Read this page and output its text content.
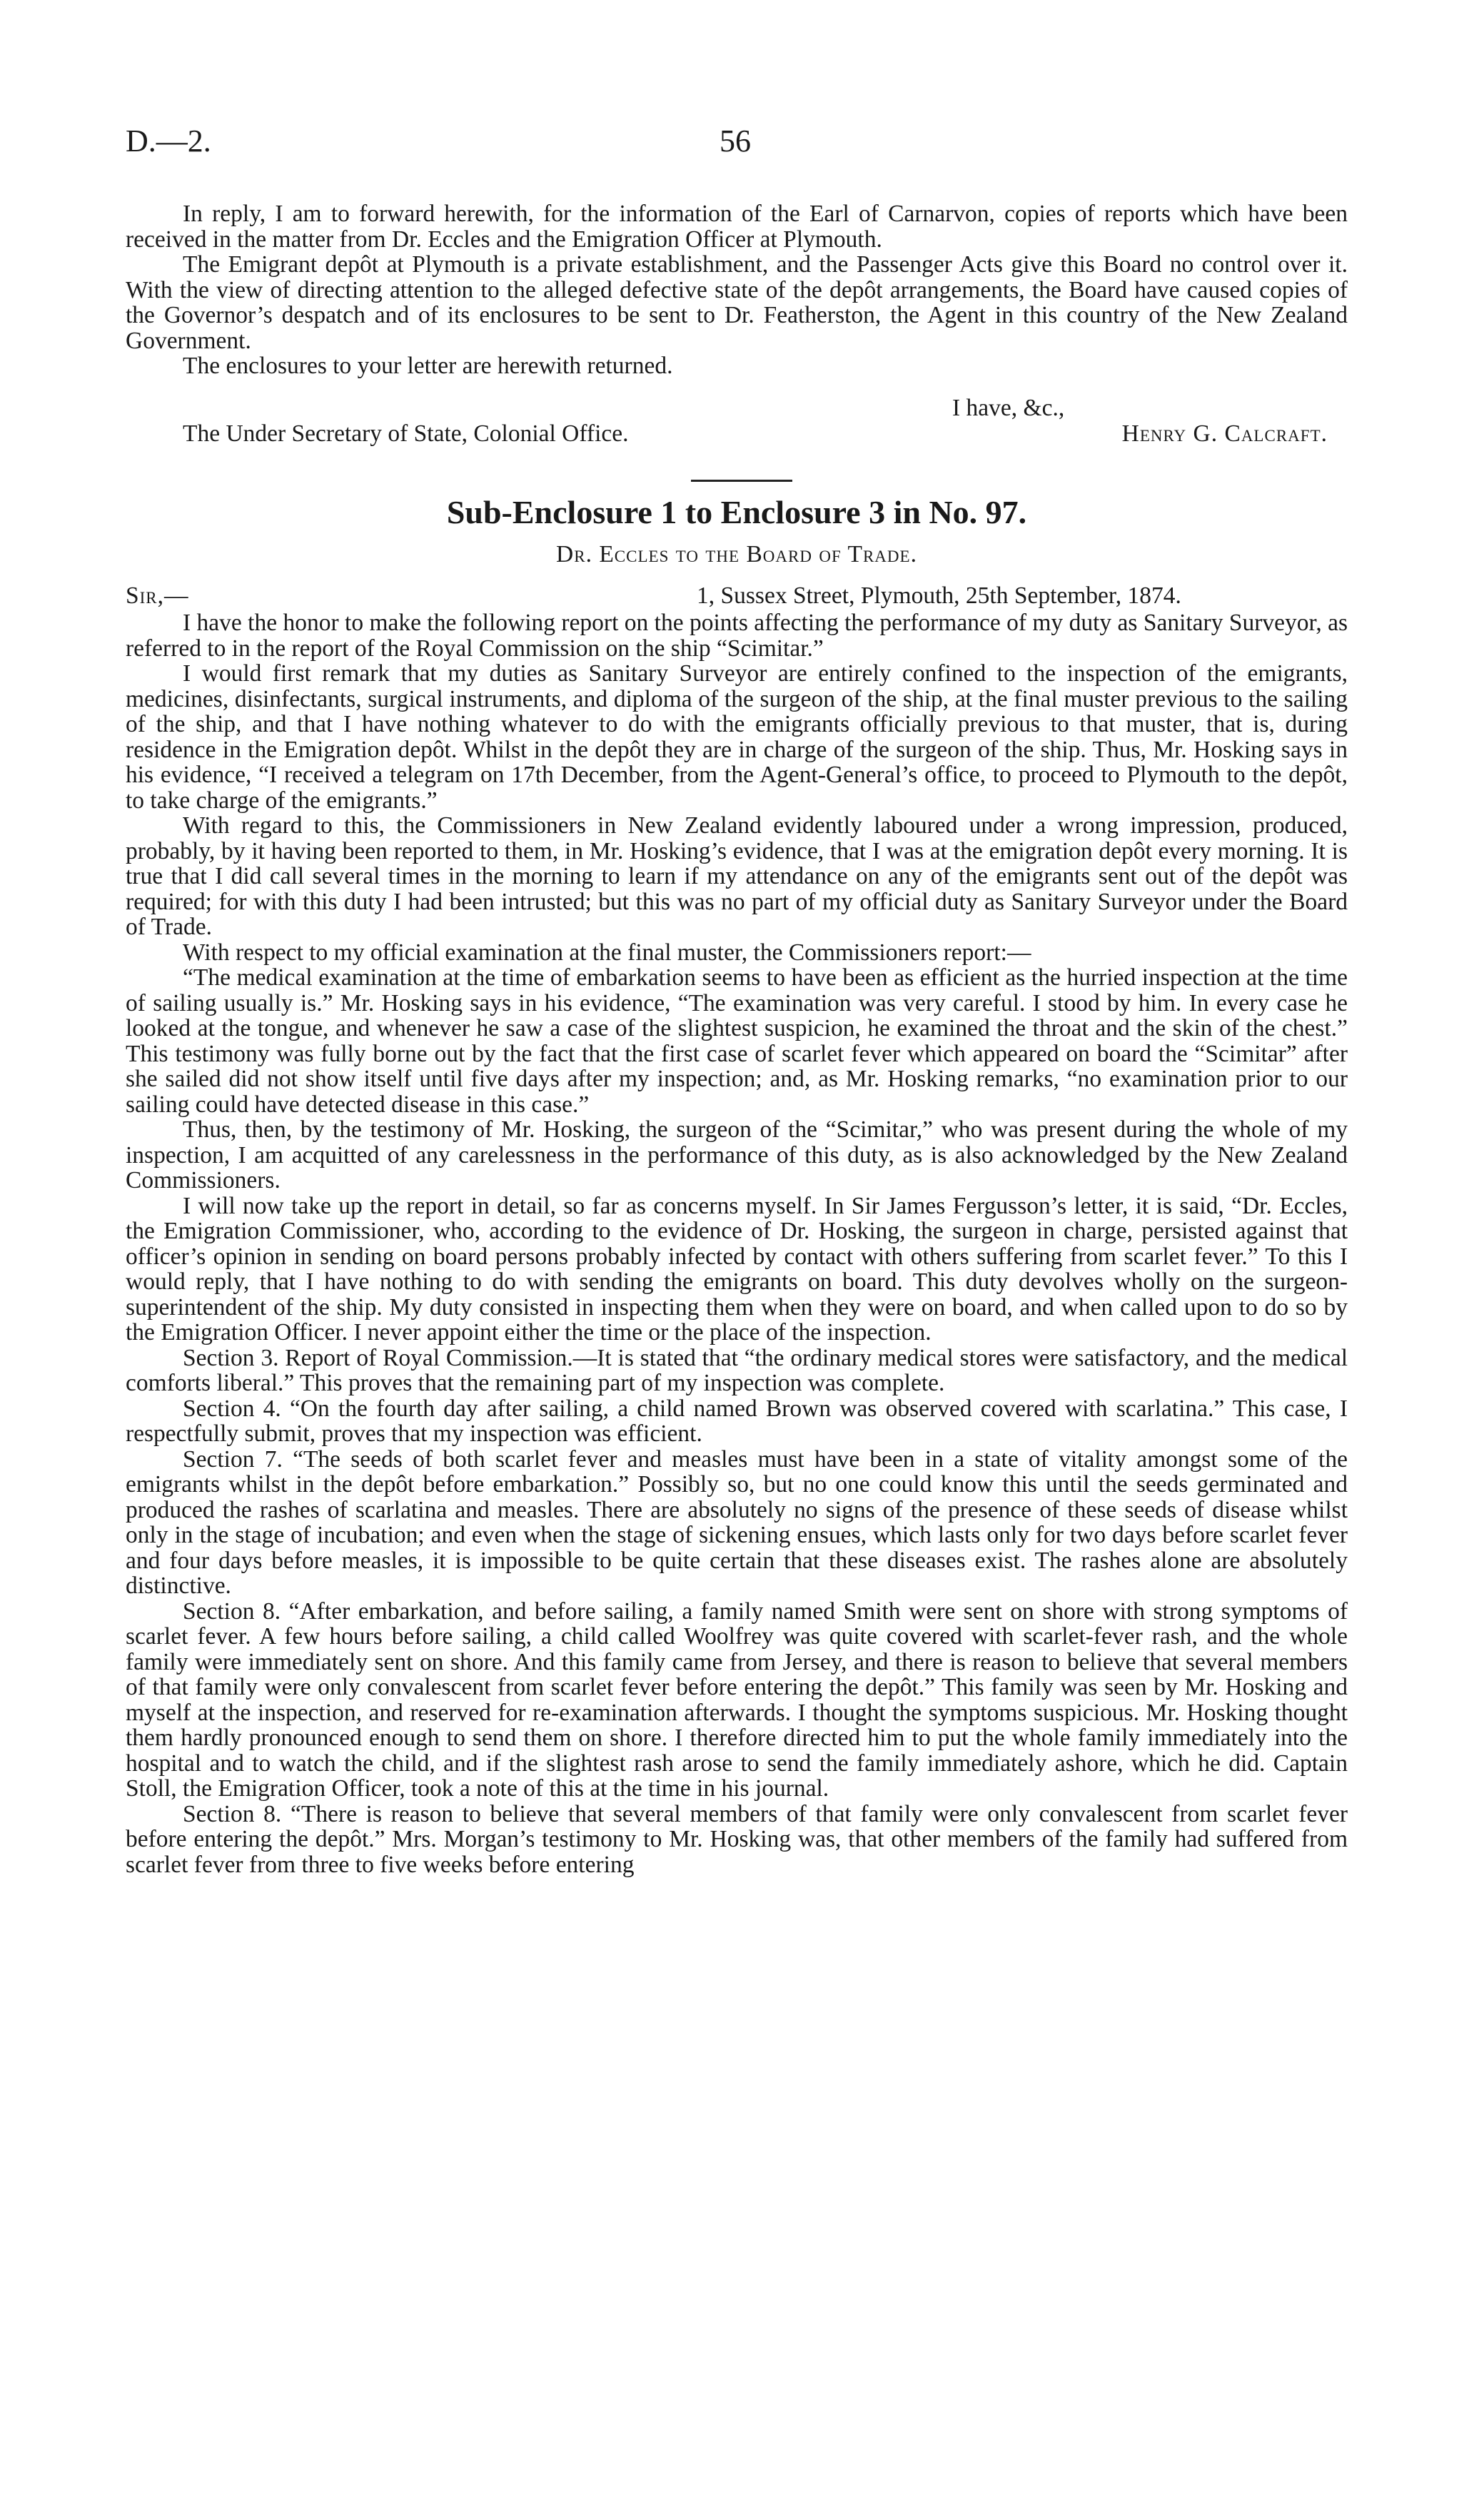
D.—2.	56

In reply, I am to forward herewith, for the information of the Earl of Carnarvon, copies of reports which have been received in the matter from Dr. Eccles and the Emigration Officer at Plymouth.

The Emigrant depôt at Plymouth is a private establishment, and the Passenger Acts give this Board no control over it. With the view of directing attention to the alleged defective state of the depôt arrangements, the Board have caused copies of the Governor’s despatch and of its enclosures to be sent to Dr. Featherston, the Agent in this country of the New Zealand Government.

The enclosures to your letter are herewith returned.

I have, &c.,
The Under Secretary of State, Colonial Office.	Henry G. Calcraft.
Sub-Enclosure 1 to Enclosure 3 in No. 97.
Dr. Eccles to the Board of Trade.
Sir,—	1, Sussex Street, Plymouth, 25th September, 1874.

I have the honor to make the following report on the points affecting the performance of my duty as Sanitary Surveyor, as referred to in the report of the Royal Commission on the ship “Scimitar.”

I would first remark that my duties as Sanitary Surveyor are entirely confined to the inspection of the emigrants, medicines, disinfectants, surgical instruments, and diploma of the surgeon of the ship, at the final muster previous to the sailing of the ship, and that I have nothing whatever to do with the emigrants officially previous to that muster, that is, during residence in the Emigration depôt. Whilst in the depôt they are in charge of the surgeon of the ship. Thus, Mr. Hosking says in his evidence, “I received a telegram on 17th December, from the Agent-General’s office, to proceed to Plymouth to the depôt, to take charge of the emigrants.”

With regard to this, the Commissioners in New Zealand evidently laboured under a wrong impression, produced, probably, by it having been reported to them, in Mr. Hosking’s evidence, that I was at the emigration depôt every morning. It is true that I did call several times in the morning to learn if my attendance on any of the emigrants sent out of the depôt was required; for with this duty I had been intrusted; but this was no part of my official duty as Sanitary Surveyor under the Board of Trade.

With respect to my official examination at the final muster, the Commissioners report:—

“The medical examination at the time of embarkation seems to have been as efficient as the hurried inspection at the time of sailing usually is.” Mr. Hosking says in his evidence, “The examination was very careful. I stood by him. In every case he looked at the tongue, and whenever he saw a case of the slightest suspicion, he examined the throat and the skin of the chest.” This testimony was fully borne out by the fact that the first case of scarlet fever which appeared on board the “Scimitar” after she sailed did not show itself until five days after my inspection; and, as Mr. Hosking remarks, “no examination prior to our sailing could have detected disease in this case.”

Thus, then, by the testimony of Mr. Hosking, the surgeon of the “Scimitar,” who was present during the whole of my inspection, I am acquitted of any carelessness in the performance of this duty, as is also acknowledged by the New Zealand Commissioners.

I will now take up the report in detail, so far as concerns myself. In Sir James Fergusson’s letter, it is said, “Dr. Eccles, the Emigration Commissioner, who, according to the evidence of Dr. Hosking, the surgeon in charge, persisted against that officer’s opinion in sending on board persons probably infected by contact with others suffering from scarlet fever.” To this I would reply, that I have nothing to do with sending the emigrants on board. This duty devolves wholly on the surgeon-superintendent of the ship. My duty consisted in inspecting them when they were on board, and when called upon to do so by the Emigration Officer. I never appoint either the time or the place of the inspection.

Section 3. Report of Royal Commission.—It is stated that “the ordinary medical stores were satisfactory, and the medical comforts liberal.” This proves that the remaining part of my inspection was complete.

Section 4. “On the fourth day after sailing, a child named Brown was observed covered with scarlatina.” This case, I respectfully submit, proves that my inspection was efficient.

Section 7. “The seeds of both scarlet fever and measles must have been in a state of vitality amongst some of the emigrants whilst in the depôt before embarkation.” Possibly so, but no one could know this until the seeds germinated and produced the rashes of scarlatina and measles. There are absolutely no signs of the presence of these seeds of disease whilst only in the stage of incubation; and even when the stage of sickening ensues, which lasts only for two days before scarlet fever and four days before measles, it is impossible to be quite certain that these diseases exist. The rashes alone are absolutely distinctive.

Section 8. “After embarkation, and before sailing, a family named Smith were sent on shore with strong symptoms of scarlet fever. A few hours before sailing, a child called Woolfrey was quite covered with scarlet-fever rash, and the whole family were immediately sent on shore. And this family came from Jersey, and there is reason to believe that several members of that family were only convalescent from scarlet fever before entering the depôt.” This family was seen by Mr. Hosking and myself at the inspection, and reserved for re-examination afterwards. I thought the symptoms suspicious. Mr. Hosking thought them hardly pronounced enough to send them on shore. I therefore directed him to put the whole family immediately into the hospital and to watch the child, and if the slightest rash arose to send the family immediately ashore, which he did. Captain Stoll, the Emigration Officer, took a note of this at the time in his journal.

Section 8. “There is reason to believe that several members of that family were only convalescent from scarlet fever before entering the depôt.” Mrs. Morgan’s testimony to Mr. Hosking was, that other members of the family had suffered from scarlet fever from three to five weeks before entering
